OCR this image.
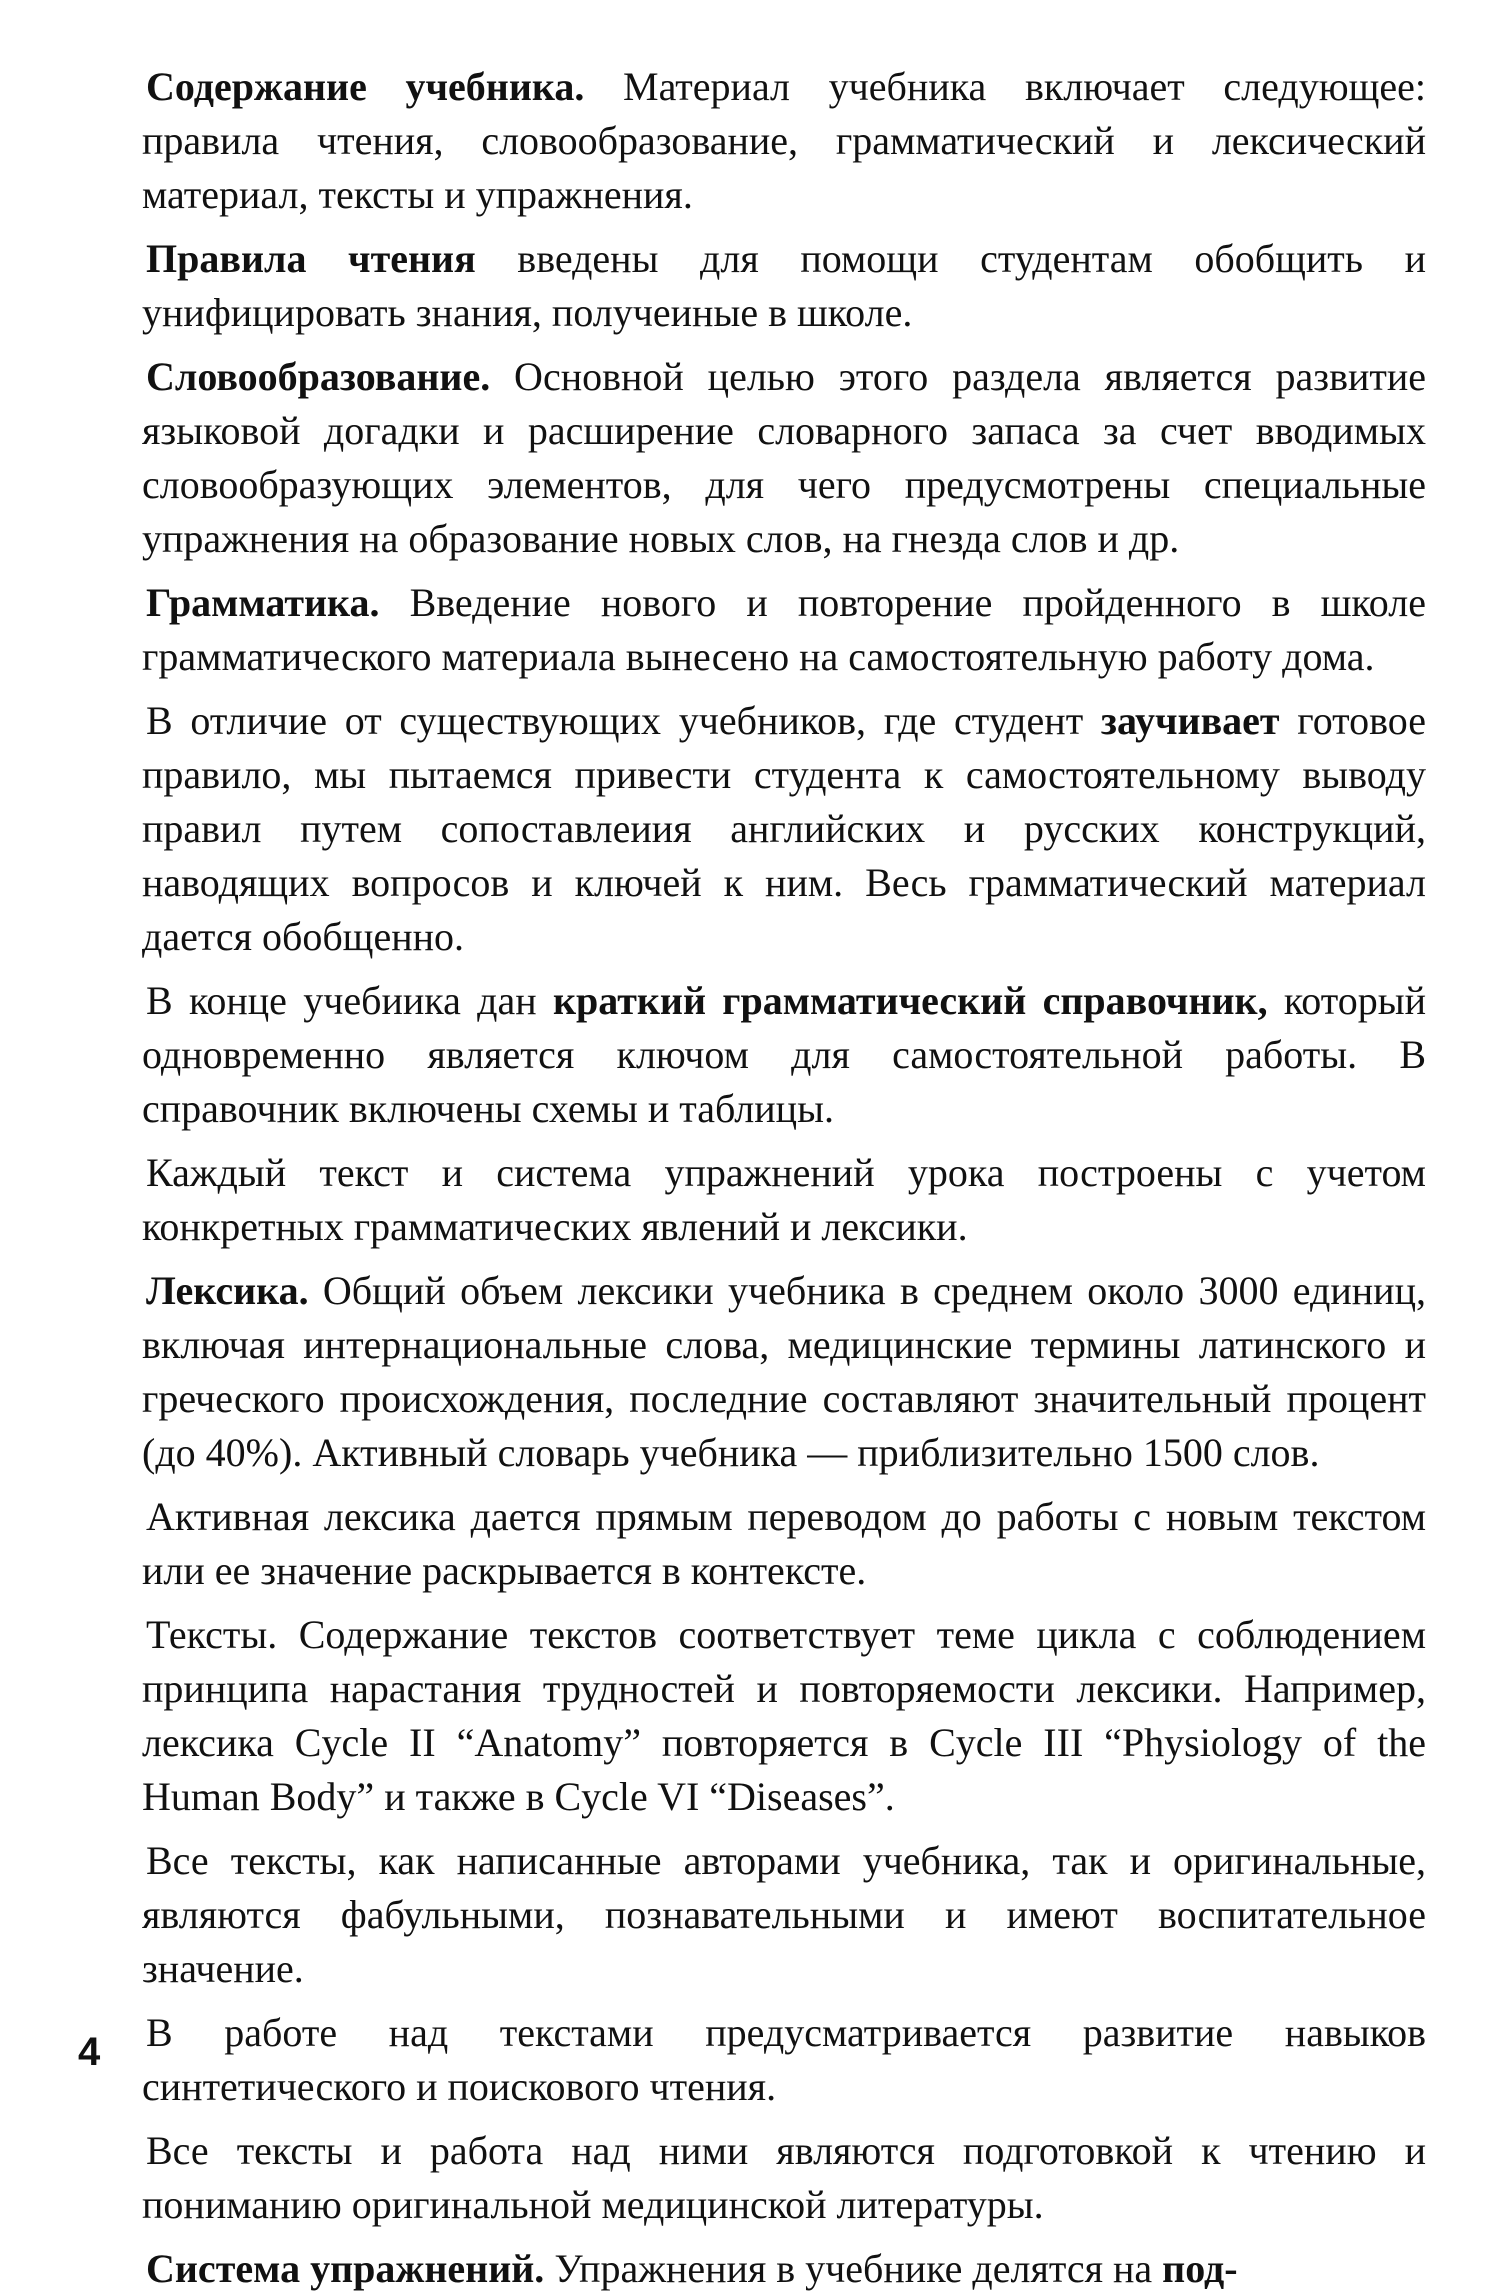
Содержание учебника. Материал учебника включает следующее: правила чтения, словообразование, грамматический и лексический материал, тексты и упражнения.

Правила чтения введены для помощи студентам обобщить и унифицировать знания, получеиные в школе.

Словообразование. Основной целью этого раздела является развитие языковой догадки и расширение словарного запаса за счет вводимых словообразующих элементов, для чего предусмотрены специальные упражнения на образование новых слов, на гнезда слов и др.

Грамматика. Введение нового и повторение пройденного в школе грамматического материала вынесено на самостоятельную работу дома.

В отличие от существующих учебников, где студент заучивает готовое правило, мы пытаемся привести студента к самостоятельному выводу правил путем сопоставлеиия английских и русских конструкций, наводящих вопросов и ключей к ним. Весь грамматический материал дается обобщенно.

В конце учебиика дан краткий грамматический справочник, который одновременно является ключом для самостоятельной работы. В справочник включены схемы и таблицы.

Каждый текст и система упражнений урока построены с учетом конкретных грамматических явлений и лексики.

Лексика. Общий объем лексики учебника в среднем около 3000 единиц, включая интернациональные слова, медицинские термины латинского и греческого происхождения, последние составляют значительный процент (до 40%). Активный словарь учебника — приблизительно 1500 слов.

Активная лексика дается прямым переводом до работы с новым текстом или ее значение раскрывается в контексте.

Тексты. Содержание текстов соответствует теме цикла с соблюдением принципа нарастания трудностей и повторяемости лексики. Например, лексика Cycle II “Anatomy” повторяется в Cycle III “Physiology of the Human Body” и также в Cycle VI “Diseases”.

Все тексты, как написанные авторами учебника, так и оригинальные, являются фабульными, познавательными и имеют воспитательное значение.

В работе над текстами предусматривается развитие навыков синтетического и поискового чтения.

Все тексты и работа над ними являются подготовкой к чтению и пониманию оригинальной медицинской литературы.

Система упражнений. Упражнения в учебнике делятся на под-

4
